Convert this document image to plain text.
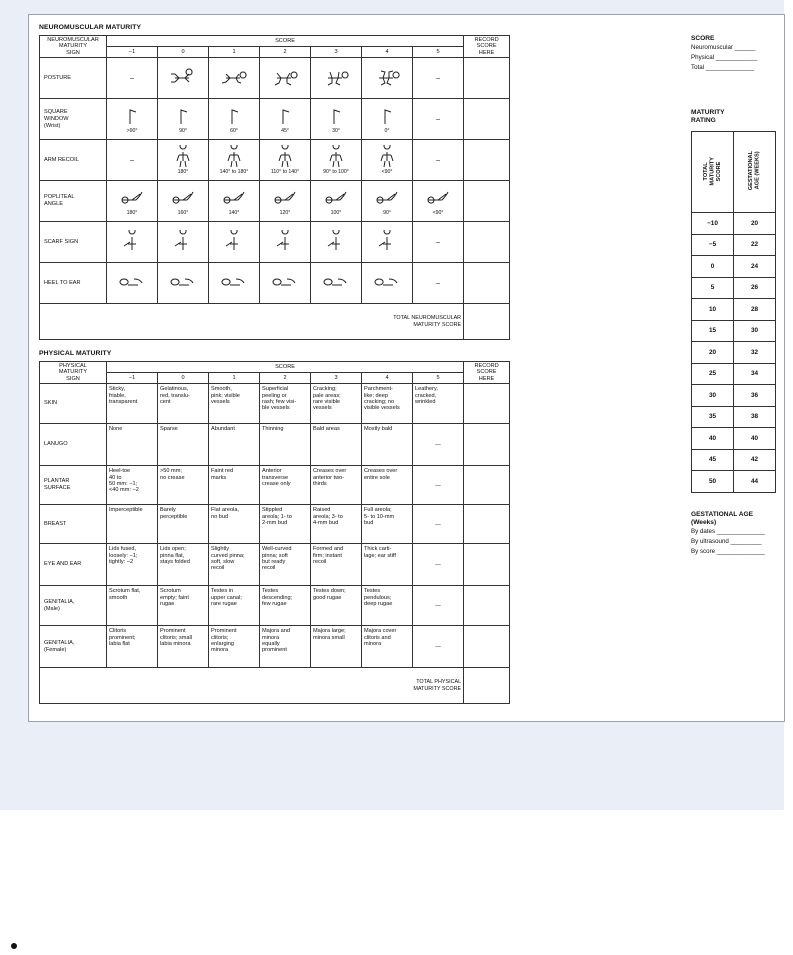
NEUROMUSCULAR MATURITY
NEUROMUSCULAR
MATURITY
SIGN	SCORE							RECORD
SCORE
HERE
	−1	0	1	2	3	4	5	
POSTURE	–						–	
SQUARE
WINDOW
(Wrist)	>90°	90°	60°	45°	30°	0°	–	
ARM RECOIL	–	180°	140° to 180°	110° to 140°	90° to 100°	<90°	–	
POPLITEAL
ANGLE	180°	160°	140°	120°	100°	90°	<90°	

SCARF SIGN							–	
HEEL TO EAR							–	
TOTAL NEUROMUSCULAR
MATURITY SCORE								
PHYSICAL MATURITY
PHYSICAL
MATURITY
SIGN	SCORE							RECORD
SCORE
HERE
	−1	0	1	2	3	4	5	
SKIN	Sticky,
friable,
transparent	Gelatinous,
red, translu-
cent	Smooth,
pink; visible
vessels	Superficial
peeling or
rash; few visi-
ble vessels	Cracking;
pale areas;
rare visible
vessels	Parchment-
like; deep
cracking; no
visible vessels	Leathery,
cracked,
wrinkled	
LANUGO	None	Sparse	Abundant	Thinning	Bald areas	Mostly bald	—	
PLANTAR
SURFACE	Heel-toe
40 to
50 mm: −1;
<40 mm: −2	>50 mm;
no crease	Faint red
marks	Anterior
transverse
crease only	Creases over
anterior two-
thirds	Creases over
entire sole	—	
BREAST	Imperceptible	Barely
perceptible	Flat areola,
no bud	Stippled
areola; 1- to
2-mm bud	Raised
areola; 3- to
4-mm bud	Full areola;
5- to 10-mm
bud	—	
EYE AND EAR	Lids fused,
loosely: −1;
tightly: −2	Lids open;
pinna flat,
stays folded	Slightly
curved pinna;
soft, slow
recoil	Well-curved
pinna; soft
but ready
recoil	Formed and
firm; instant
recoil	Thick carti-
lage; ear stiff	—	
GENITALIA,
(Male)	Scrotum flat,
smooth	Scrotum
empty; faint
rugae	Testes in
upper canal;
rare rugae	Testes
descending;
few rugae	Testes down;
good rugae	Testes
pendulous;
deep rugae	—	
GENITALIA,
(Female)	Clitoris
prominent;
labia flat	Prominent
clitoris; small
labia minora	Prominent
clitoris;
enlarging
minora	Majora and
minora
equally
prominent	Majora large;
minora small	Majora cover
clitoris and
minora	—	
TOTAL PHYSICAL
MATURITY SCORE								
SCORE
Neuromuscular ______
Physical ____________
Total ______________
MATURITY
RATING
TOTAL
MATURITY
SCORE	GESTATIONAL
AGE (WEEKS)
−10	20
−5	22
0	24
5	26
10	28
15	30
20	32
25	34
30	36
35	38
40	40
45	42
50	44
GESTATIONAL AGE
(Weeks)
By dates ______________
By ultrasound _________
By score ______________
